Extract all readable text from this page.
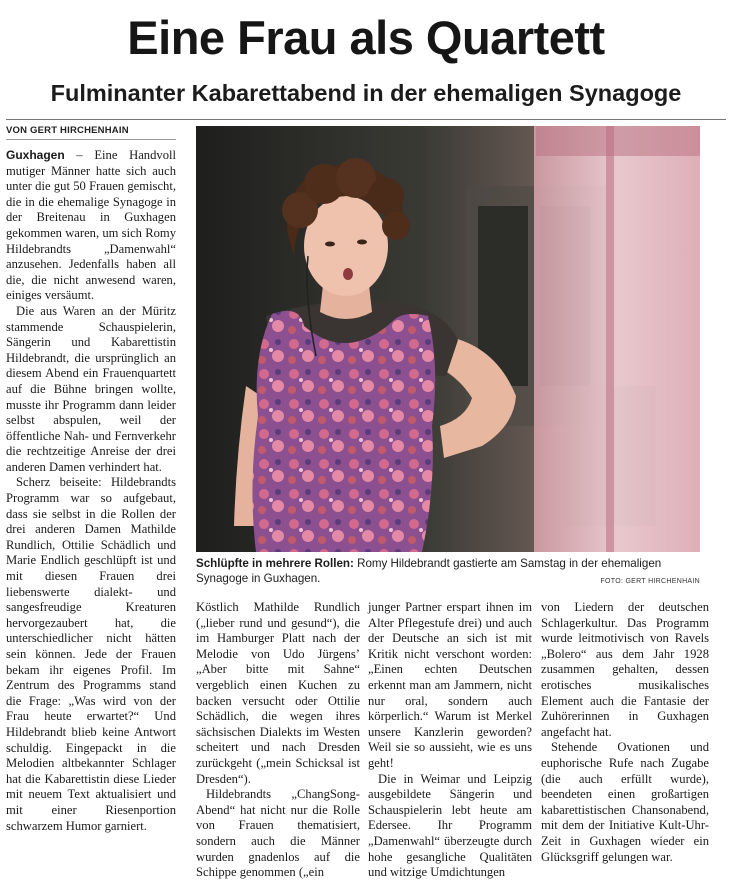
Eine Frau als Quartett
Fulminanter Kabarettabend in der ehemaligen Synagoge
VON GERT HIRCHENHAIN

Guxhagen – Eine Handvoll mutiger Männer hatte sich auch unter die gut 50 Frauen gemischt, die in die ehemalige Synagoge in der Breitenau in Guxhagen gekommen waren, um sich Romy Hildebrandts „Damenwahl“ anzusehen. Jedenfalls haben all die, die nicht anwesend waren, einiges versäumt.

Die aus Waren an der Müritz stammende Schauspielerin, Sängerin und Kabarettistin Hildebrandt, die ursprünglich an diesem Abend ein Frauenquartett auf die Bühne bringen wollte, musste ihr Programm dann leider selbst abspulen, weil der öffentliche Nah- und Fernverkehr die rechtzeitige Anreise der drei anderen Damen verhindert hat.

Scherz beiseite: Hildebrandts Programm war so aufgebaut, dass sie selbst in die Rollen der drei anderen Damen Mathilde Rundlich, Ottilie Schädlich und Marie Endlich geschlüpft ist und mit diesen Frauen drei liebenswerte dialekt- und sangesfreudige Kreaturen hervorgezaubert hat, die unterschiedlicher nicht hätten sein können. Jede der Frauen bekam ihr eigenes Profil. Im Zentrum des Programms stand die Frage: „Was wird von der Frau heute erwartet?“ Und Hildebrandt blieb keine Antwort schuldig. Eingepackt in die Melodien altbekannter Schlager hat die Kabarettistin diese Lieder mit neuem Text aktualisiert und mit einer Riesenportion schwarzem Humor garniert.

Köstlich Mathilde Rundlich („lieber rund und gesund“), die im Hamburger Platt nach der Melodie von Udo Jürgens’ „Aber bitte mit Sahne“ vergeblich einen Kuchen zu backen versucht oder Ottilie Schädlich, die wegen ihres sächsischen Dialekts im Westen scheitert und nach Dresden zurückgeht („mein Schicksal ist Dresden“).

Hildebrandts „ChangSong-Abend“ hat nicht nur die Rolle von Frauen thematisiert, sondern auch die Männer wurden gnadenlos auf die Schippe genommen („ein

junger Partner erspart ihnen im Alter Pflegestufe drei) und auch der Deutsche an sich ist mit Kritik nicht verschont worden: „Einen echten Deutschen erkennt man am Jammern, nicht nur oral, sondern auch körperlich.“ Warum ist Merkel unsere Kanzlerin geworden? Weil sie so aussieht, wie es uns geht!

Die in Weimar und Leipzig ausgebildete Sängerin und Schauspielerin lebt heute am Edersee. Ihr Programm „Damenwahl“ überzeugte durch hohe gesangliche Qualitäten und witzige Umdichtungen

von Liedern der deutschen Schlagerkultur. Das Programm wurde leitmotivisch von Ravels „Bolero“ aus dem Jahr 1928 zusammen gehalten, dessen erotisches musikalisches Element auch die Fantasie der Zuhörerinnen in Guxhagen angefacht hat.

Stehende Ovationen und euphorische Rufe nach Zugabe (die auch erfüllt wurde), beendeten einen großartigen kabarettistischen Chansonabend, mit dem der Initiative Kult-Uhr-Zeit in Guxhagen wieder ein Glücksgriff gelungen war.

Schlüpfte in mehrere Rollen: Romy Hildebrandt gastierte am Samstag in der ehemaligen Synagoge in Guxhagen.	FOTO: GERT HIRCHENHAIN
